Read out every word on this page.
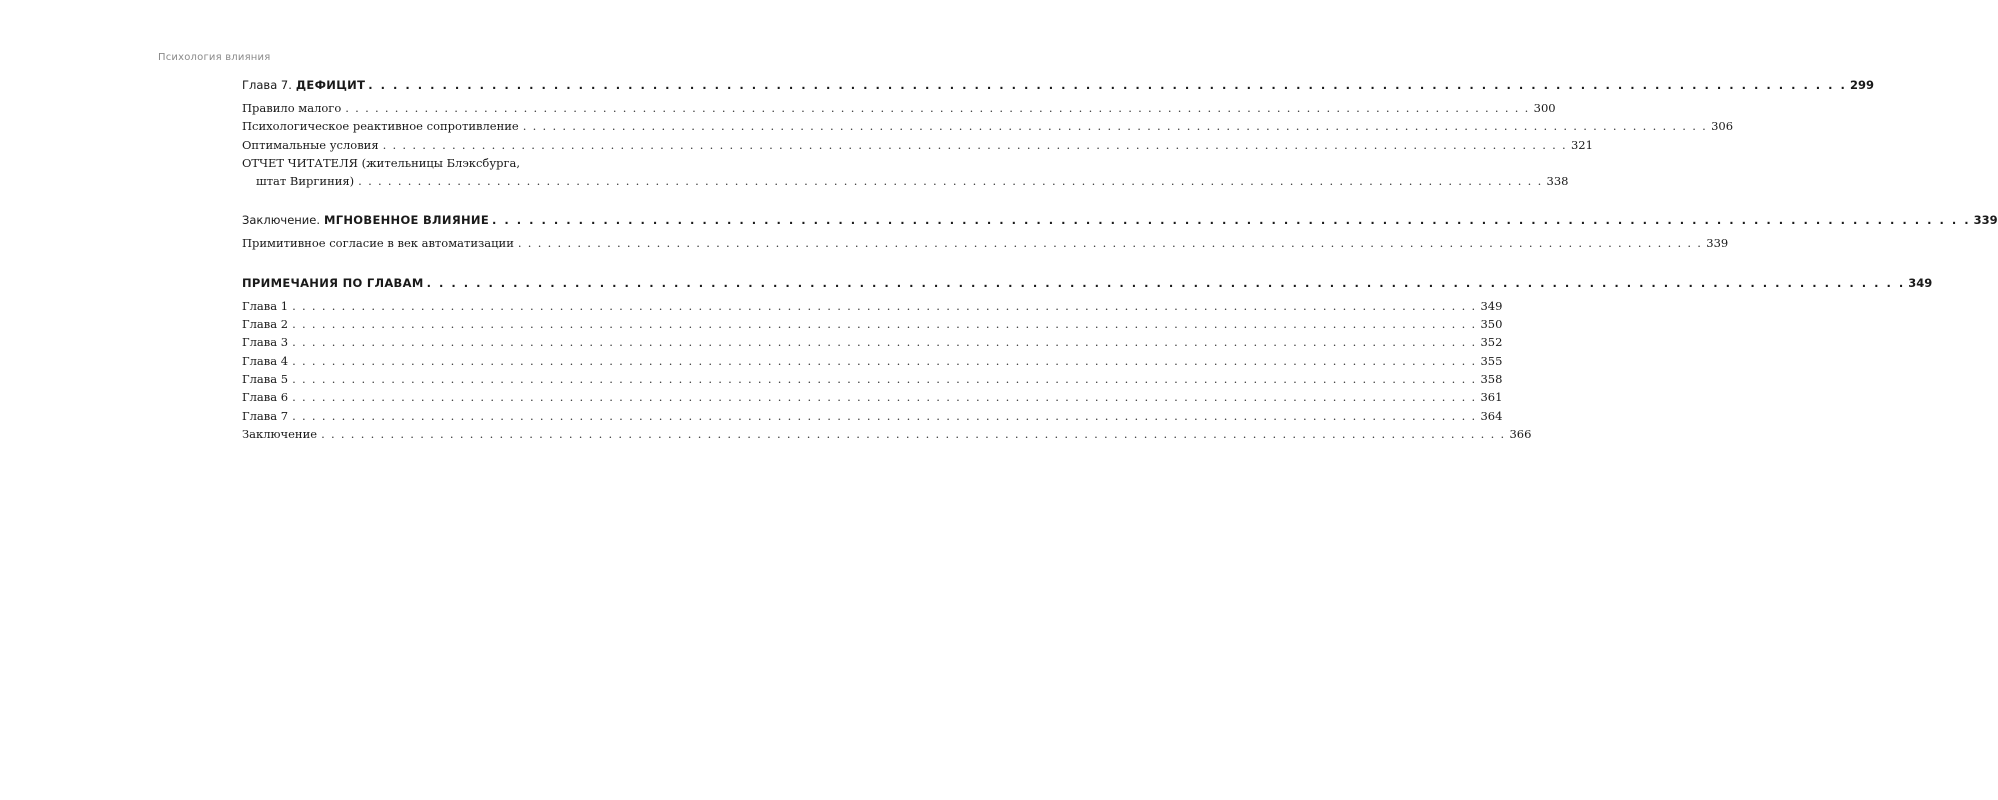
Психология влияния
Глава 7. ДЕФИЦИТ . . . . . . . . . . . . . . . . . . . . . . . . . . . . . . . . . . . . . . . . . . . . . . . . . . . . . . . . . . . . . . . . . . . . . . . . . . . . . . . . . . . . . . . . . . . . . . . . . . . . . . . . . . . . . . . . . . . . . . . . 299
Правило малого . . . . . . . . . . . . . . . . . . . . . . . . . . . . . . . . . . . . . . . . . . . . . . . . . . . . . . . . . . . . . . . . . . . . . . . . . . . . . . . . . . . . . . . . . . . . . . . . . . . . . . . . . . . . . . . . . . . . . . . . 300
Психологическое реактивное сопротивление . . . . . . . . . . . . . . . . . . . . . . . . . . . . . . . . . . . . . . . . . . . . . . . . . . . . . . . . . . . . . . . . . . . . . . . . . . . . . . . . . . . . . . . . . . . . . . . . . . . . . . . . . . . . . . . . . . . . . . . . 306
Оптимальные условия . . . . . . . . . . . . . . . . . . . . . . . . . . . . . . . . . . . . . . . . . . . . . . . . . . . . . . . . . . . . . . . . . . . . . . . . . . . . . . . . . . . . . . . . . . . . . . . . . . . . . . . . . . . . . . . . . . . . . . . . 321
ОТЧЕТ ЧИТАТЕЛЯ (жительницы Блэксбурга,
штат Виргиния) . . . . . . . . . . . . . . . . . . . . . . . . . . . . . . . . . . . . . . . . . . . . . . . . . . . . . . . . . . . . . . . . . . . . . . . . . . . . . . . . . . . . . . . . . . . . . . . . . . . . . . . . . . . . . . . . . . . . . . . . 338
Заключение. МГНОВЕННОЕ ВЛИЯНИЕ . . . . . . . . . . . . . . . . . . . . . . . . . . . . . . . . . . . . . . . . . . . . . . . . . . . . . . . . . . . . . . . . . . . . . . . . . . . . . . . . . . . . . . . . . . . . . . . . . . . . . . . . . . . . . . . . . . . . . . . . 339
Примитивное согласие в век автоматизации . . . . . . . . . . . . . . . . . . . . . . . . . . . . . . . . . . . . . . . . . . . . . . . . . . . . . . . . . . . . . . . . . . . . . . . . . . . . . . . . . . . . . . . . . . . . . . . . . . . . . . . . . . . . . . . . . . . . . . . . 339
ПРИМЕЧАНИЯ ПО ГЛАВАМ . . . . . . . . . . . . . . . . . . . . . . . . . . . . . . . . . . . . . . . . . . . . . . . . . . . . . . . . . . . . . . . . . . . . . . . . . . . . . . . . . . . . . . . . . . . . . . . . . . . . . . . . . . . . . . . . . . . . . . . . 349
Глава 1 . . . . . . . . . . . . . . . . . . . . . . . . . . . . . . . . . . . . . . . . . . . . . . . . . . . . . . . . . . . . . . . . . . . . . . . . . . . . . . . . . . . . . . . . . . . . . . . . . . . . . . . . . . . . . . . . . . . . . . . . 349
Глава 2 . . . . . . . . . . . . . . . . . . . . . . . . . . . . . . . . . . . . . . . . . . . . . . . . . . . . . . . . . . . . . . . . . . . . . . . . . . . . . . . . . . . . . . . . . . . . . . . . . . . . . . . . . . . . . . . . . . . . . . . . 350
Глава 3 . . . . . . . . . . . . . . . . . . . . . . . . . . . . . . . . . . . . . . . . . . . . . . . . . . . . . . . . . . . . . . . . . . . . . . . . . . . . . . . . . . . . . . . . . . . . . . . . . . . . . . . . . . . . . . . . . . . . . . . . 352
Глава 4 . . . . . . . . . . . . . . . . . . . . . . . . . . . . . . . . . . . . . . . . . . . . . . . . . . . . . . . . . . . . . . . . . . . . . . . . . . . . . . . . . . . . . . . . . . . . . . . . . . . . . . . . . . . . . . . . . . . . . . . . 355
Глава 5 . . . . . . . . . . . . . . . . . . . . . . . . . . . . . . . . . . . . . . . . . . . . . . . . . . . . . . . . . . . . . . . . . . . . . . . . . . . . . . . . . . . . . . . . . . . . . . . . . . . . . . . . . . . . . . . . . . . . . . . . 358
Глава 6 . . . . . . . . . . . . . . . . . . . . . . . . . . . . . . . . . . . . . . . . . . . . . . . . . . . . . . . . . . . . . . . . . . . . . . . . . . . . . . . . . . . . . . . . . . . . . . . . . . . . . . . . . . . . . . . . . . . . . . . . 361
Глава 7 . . . . . . . . . . . . . . . . . . . . . . . . . . . . . . . . . . . . . . . . . . . . . . . . . . . . . . . . . . . . . . . . . . . . . . . . . . . . . . . . . . . . . . . . . . . . . . . . . . . . . . . . . . . . . . . . . . . . . . . . 364
Заключение . . . . . . . . . . . . . . . . . . . . . . . . . . . . . . . . . . . . . . . . . . . . . . . . . . . . . . . . . . . . . . . . . . . . . . . . . . . . . . . . . . . . . . . . . . . . . . . . . . . . . . . . . . . . . . . . . . . . . . . . 366
